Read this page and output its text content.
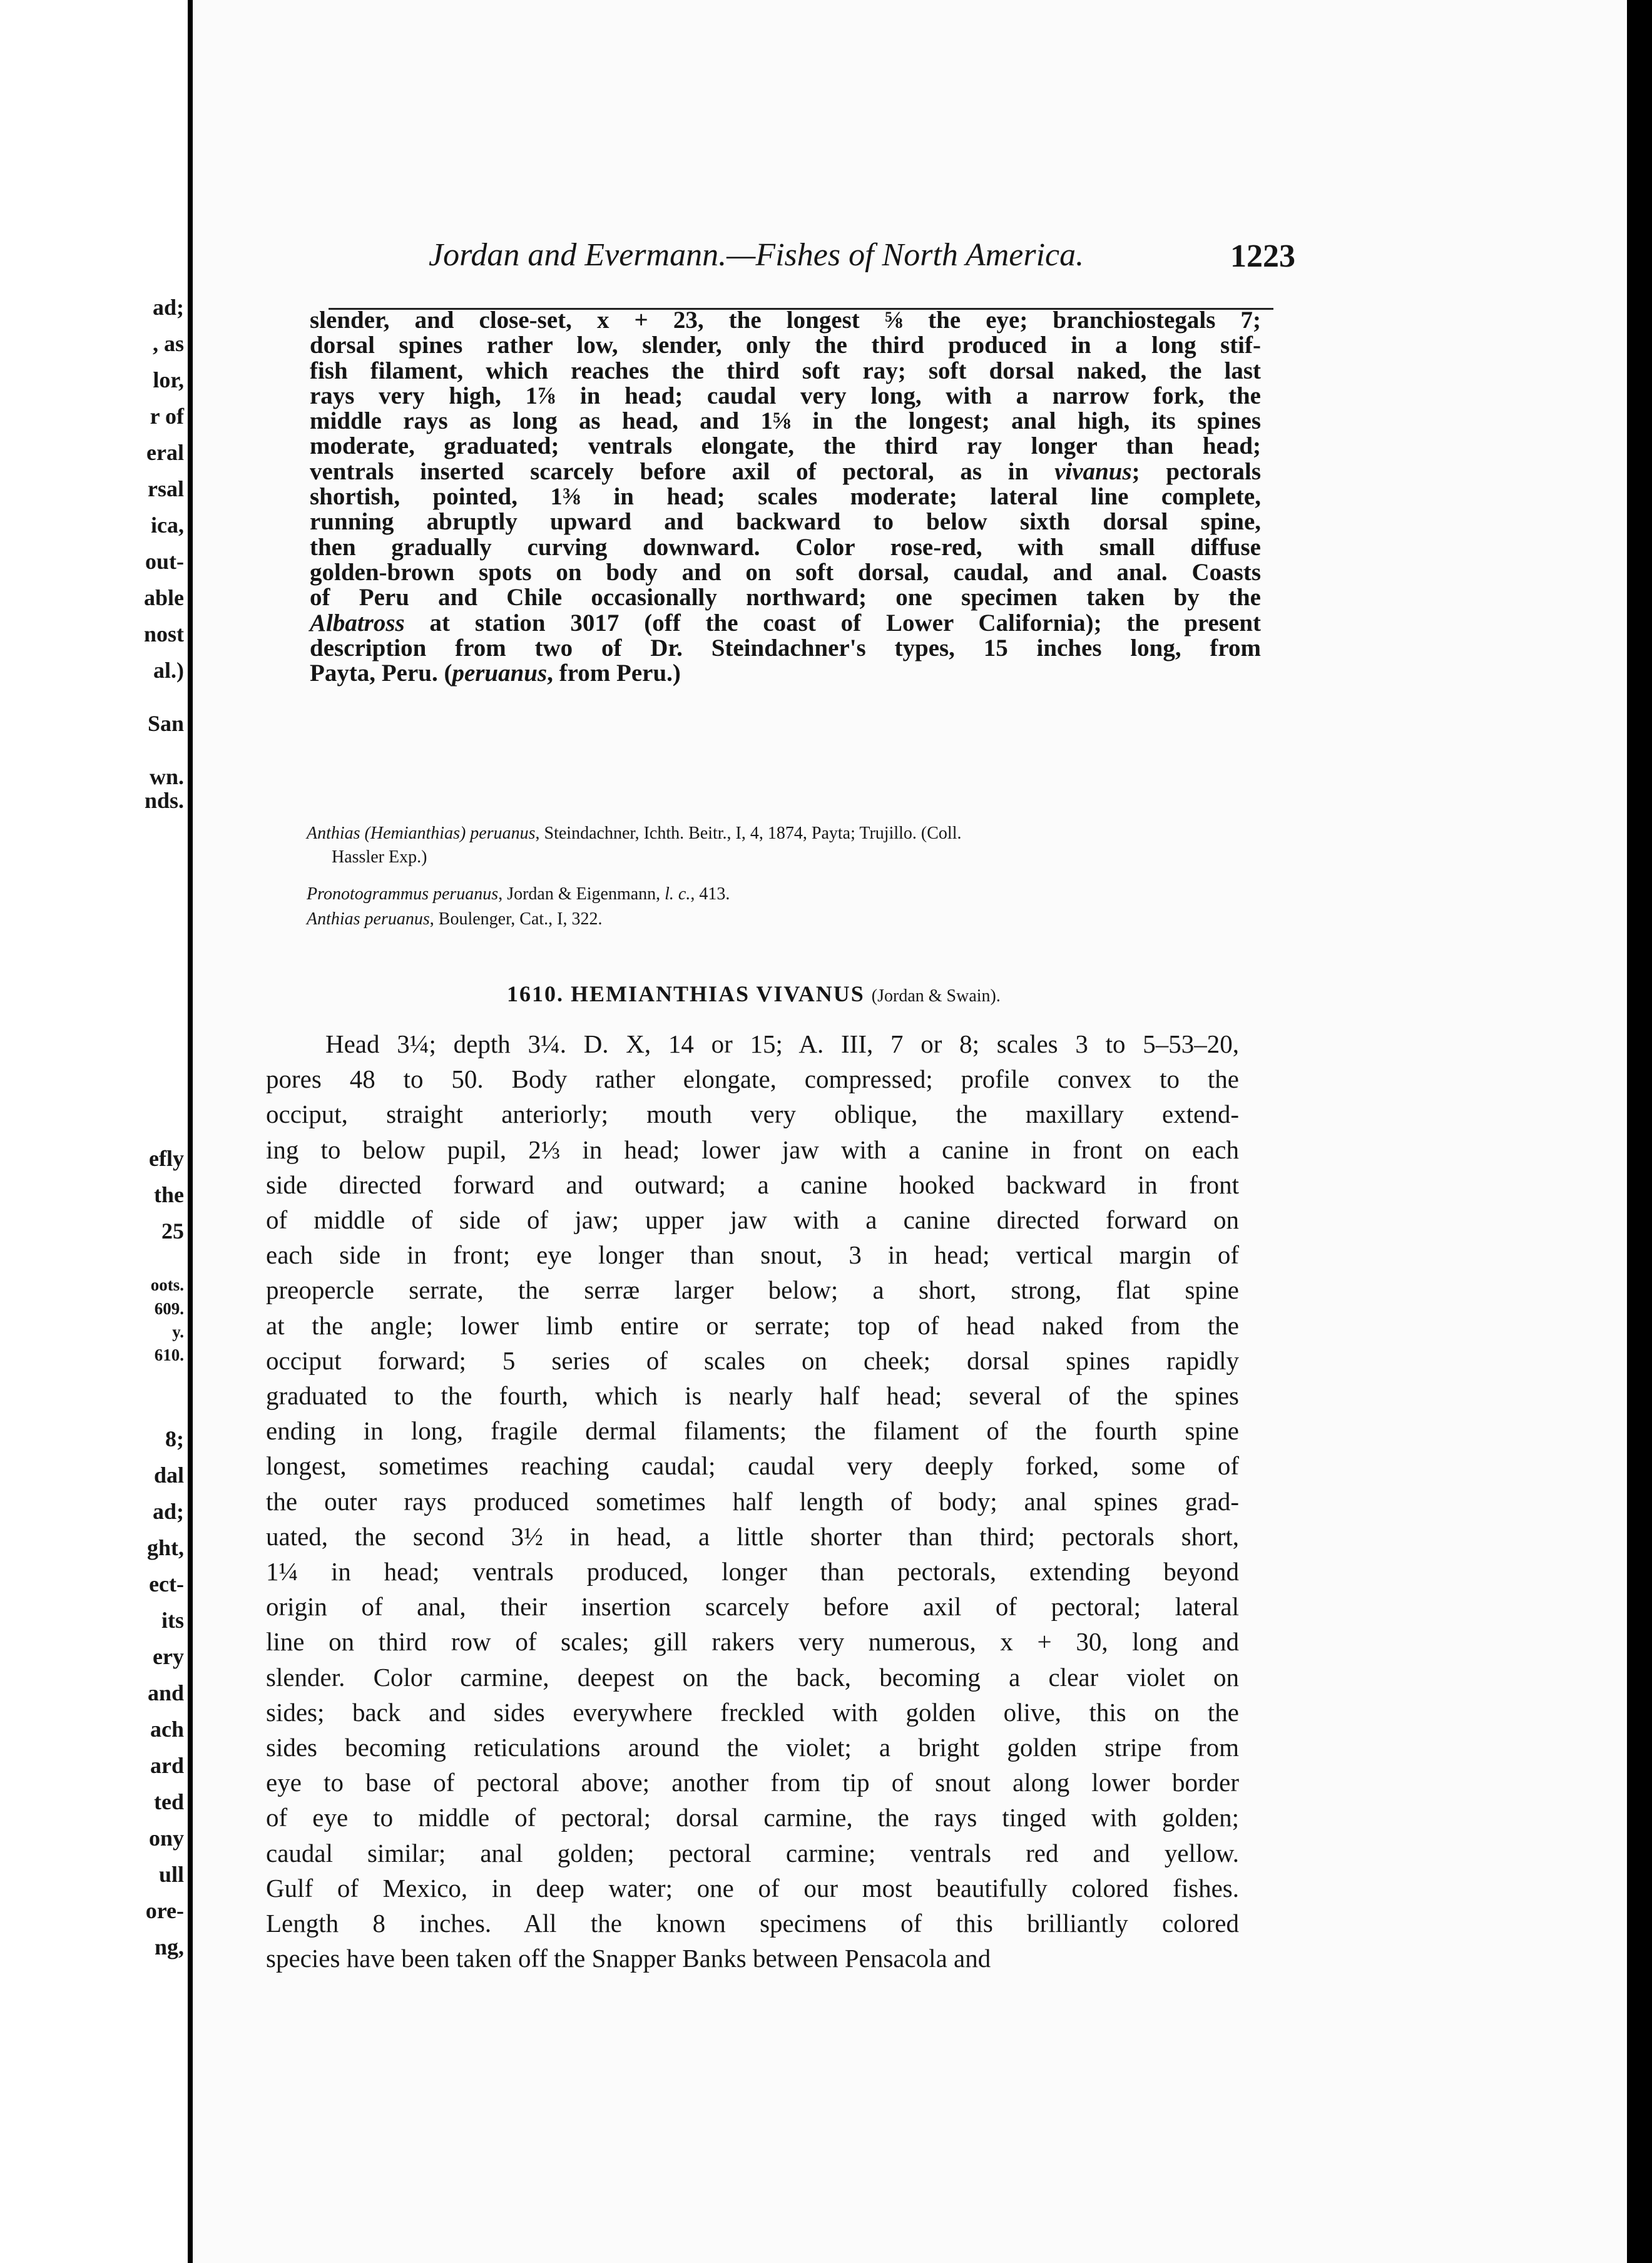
ad;
, as
lor,
r of
eral
rsal
ica,
out-
able
nost
al.)
San
wn.
nds.
efly
the
25
oots.
609.
y.
610.
8;
dal
ad;
ght,
ect-
its
ery
and
ach
ard
ted
ony
ull
ore-
ng,
Jordan and Evermann.—Fishes of North America.	1223
slender, and close-set, x + 23, the longest ⅝ the eye; branchiostegals 7;
dorsal spines rather low, slender, only the third produced in a long stif-
fish filament, which reaches the third soft ray; soft dorsal naked, the last
rays very high, 1⅞ in head; caudal very long, with a narrow fork, the
middle rays as long as head, and 1⅝ in the longest; anal high, its spines
moderate, graduated; ventrals elongate, the third ray longer than head;
ventrals inserted scarcely before axil of pectoral, as in vivanus; pectorals
shortish, pointed, 1⅜ in head; scales moderate; lateral line complete,
running abruptly upward and backward to below sixth dorsal spine,
then gradually curving downward. Color rose-red, with small diffuse
golden-brown spots on body and on soft dorsal, caudal, and anal. Coasts
of Peru and Chile occasionally northward; one specimen taken by the
Albatross at station 3017 (off the coast of Lower California); the present
description from two of Dr. Steindachner's types, 15 inches long, from
Payta, Peru. (peruanus, from Peru.)
Anthias (Hemianthias) peruanus, Steindachner, Ichth. Beitr., I, 4, 1874, Payta; Trujillo. (Coll.
Hassler Exp.)
Pronotogrammus peruanus, Jordan & Eigenmann, l. c., 413.
Anthias peruanus, Boulenger, Cat., I, 322.
1610. HEMIANTHIAS VIVANUS (Jordan & Swain).
Head 3¼; depth 3¼. D. X, 14 or 15; A. III, 7 or 8; scales 3 to 5–53–20,
pores 48 to 50. Body rather elongate, compressed; profile convex to the
occiput, straight anteriorly; mouth very oblique, the maxillary extend-
ing to below pupil, 2⅓ in head; lower jaw with a canine in front on each
side directed forward and outward; a canine hooked backward in front
of middle of side of jaw; upper jaw with a canine directed forward on
each side in front; eye longer than snout, 3 in head; vertical margin of
preopercle serrate, the serræ larger below; a short, strong, flat spine
at the angle; lower limb entire or serrate; top of head naked from the
occiput forward; 5 series of scales on cheek; dorsal spines rapidly
graduated to the fourth, which is nearly half head; several of the spines
ending in long, fragile dermal filaments; the filament of the fourth spine
longest, sometimes reaching caudal; caudal very deeply forked, some of
the outer rays produced sometimes half length of body; anal spines grad-
uated, the second 3½ in head, a little shorter than third; pectorals short,
1¼ in head; ventrals produced, longer than pectorals, extending beyond
origin of anal, their insertion scarcely before axil of pectoral; lateral
line on third row of scales; gill rakers very numerous, x + 30, long and
slender. Color carmine, deepest on the back, becoming a clear violet on
sides; back and sides everywhere freckled with golden olive, this on the
sides becoming reticulations around the violet; a bright golden stripe from
eye to base of pectoral above; another from tip of snout along lower border
of eye to middle of pectoral; dorsal carmine, the rays tinged with golden;
caudal similar; anal golden; pectoral carmine; ventrals red and yellow.
Gulf of Mexico, in deep water; one of our most beautifully colored fishes.
Length 8 inches. All the known specimens of this brilliantly colored
species have been taken off the Snapper Banks between Pensacola and
